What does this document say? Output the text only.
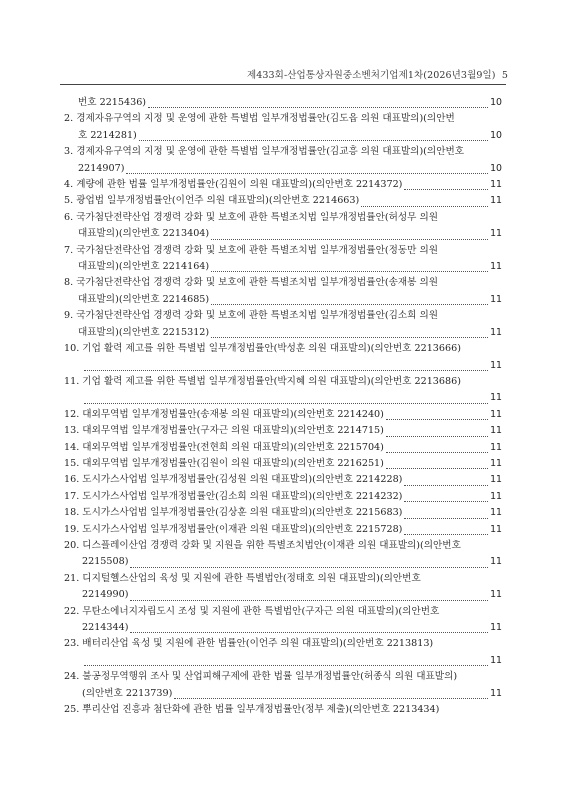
제433회-산업통상자원중소벤처기업제1차(2026년3월9일) 5
번호 2215436)	10
2. 경제자유구역의 지정 및 운영에 관한 특별법 일부개정법률안(김도읍 의원 대표발의)(의안번
호 2214281)	10
3. 경제자유구역의 지정 및 운영에 관한 특별법 일부개정법률안(김교흥 의원 대표발의)(의안번호
2214907)	10
4. 계량에 관한 법률 일부개정법률안(김원이 의원 대표발의)(의안번호 2214372)	11
5. 광업법 일부개정법률안(이언주 의원 대표발의)(의안번호 2214663)	11
6. 국가첨단전략산업 경쟁력 강화 및 보호에 관한 특별조치법 일부개정법률안(허성무 의원
대표발의)(의안번호 2213404)	11
7. 국가첨단전략산업 경쟁력 강화 및 보호에 관한 특별조치법 일부개정법률안(정동만 의원
대표발의)(의안번호 2214164)	11
8. 국가첨단전략산업 경쟁력 강화 및 보호에 관한 특별조치법 일부개정법률안(송재봉 의원
대표발의)(의안번호 2214685)	11
9. 국가첨단전략산업 경쟁력 강화 및 보호에 관한 특별조치법 일부개정법률안(김소희 의원
대표발의)(의안번호 2215312)	11
10. 기업 활력 제고를 위한 특별법 일부개정법률안(박성훈 의원 대표발의)(의안번호 2213666)
11
11. 기업 활력 제고를 위한 특별법 일부개정법률안(박지혜 의원 대표발의)(의안번호 2213686)
11
12. 대외무역법 일부개정법률안(송재봉 의원 대표발의)(의안번호 2214240)	11
13. 대외무역법 일부개정법률안(구자근 의원 대표발의)(의안번호 2214715)	11
14. 대외무역법 일부개정법률안(전현희 의원 대표발의)(의안번호 2215704)	11
15. 대외무역법 일부개정법률안(김원이 의원 대표발의)(의안번호 2216251)	11
16. 도시가스사업법 일부개정법률안(김성원 의원 대표발의)(의안번호 2214228)	11
17. 도시가스사업법 일부개정법률안(김소희 의원 대표발의)(의안번호 2214232)	11
18. 도시가스사업법 일부개정법률안(김상훈 의원 대표발의)(의안번호 2215683)	11
19. 도시가스사업법 일부개정법률안(이재관 의원 대표발의)(의안번호 2215728)	11
20. 디스플레이산업 경쟁력 강화 및 지원을 위한 특별조치법안(이재관 의원 대표발의)(의안번호
2215508)	11
21. 디지털헬스산업의 육성 및 지원에 관한 특별법안(정태호 의원 대표발의)(의안번호
2214990)	11
22. 무탄소에너지자립도시 조성 및 지원에 관한 특별법안(구자근 의원 대표발의)(의안번호
2214344)	11
23. 배터리산업 육성 및 지원에 관한 법률안(이언주 의원 대표발의)(의안번호 2213813)
11
24. 불공정무역행위 조사 및 산업피해구제에 관한 법률 일부개정법률안(허종식 의원 대표발의)
(의안번호 2213739)	11
25. 뿌리산업 진흥과 첨단화에 관한 법률 일부개정법률안(정부 제출)(의안번호 2213434)
